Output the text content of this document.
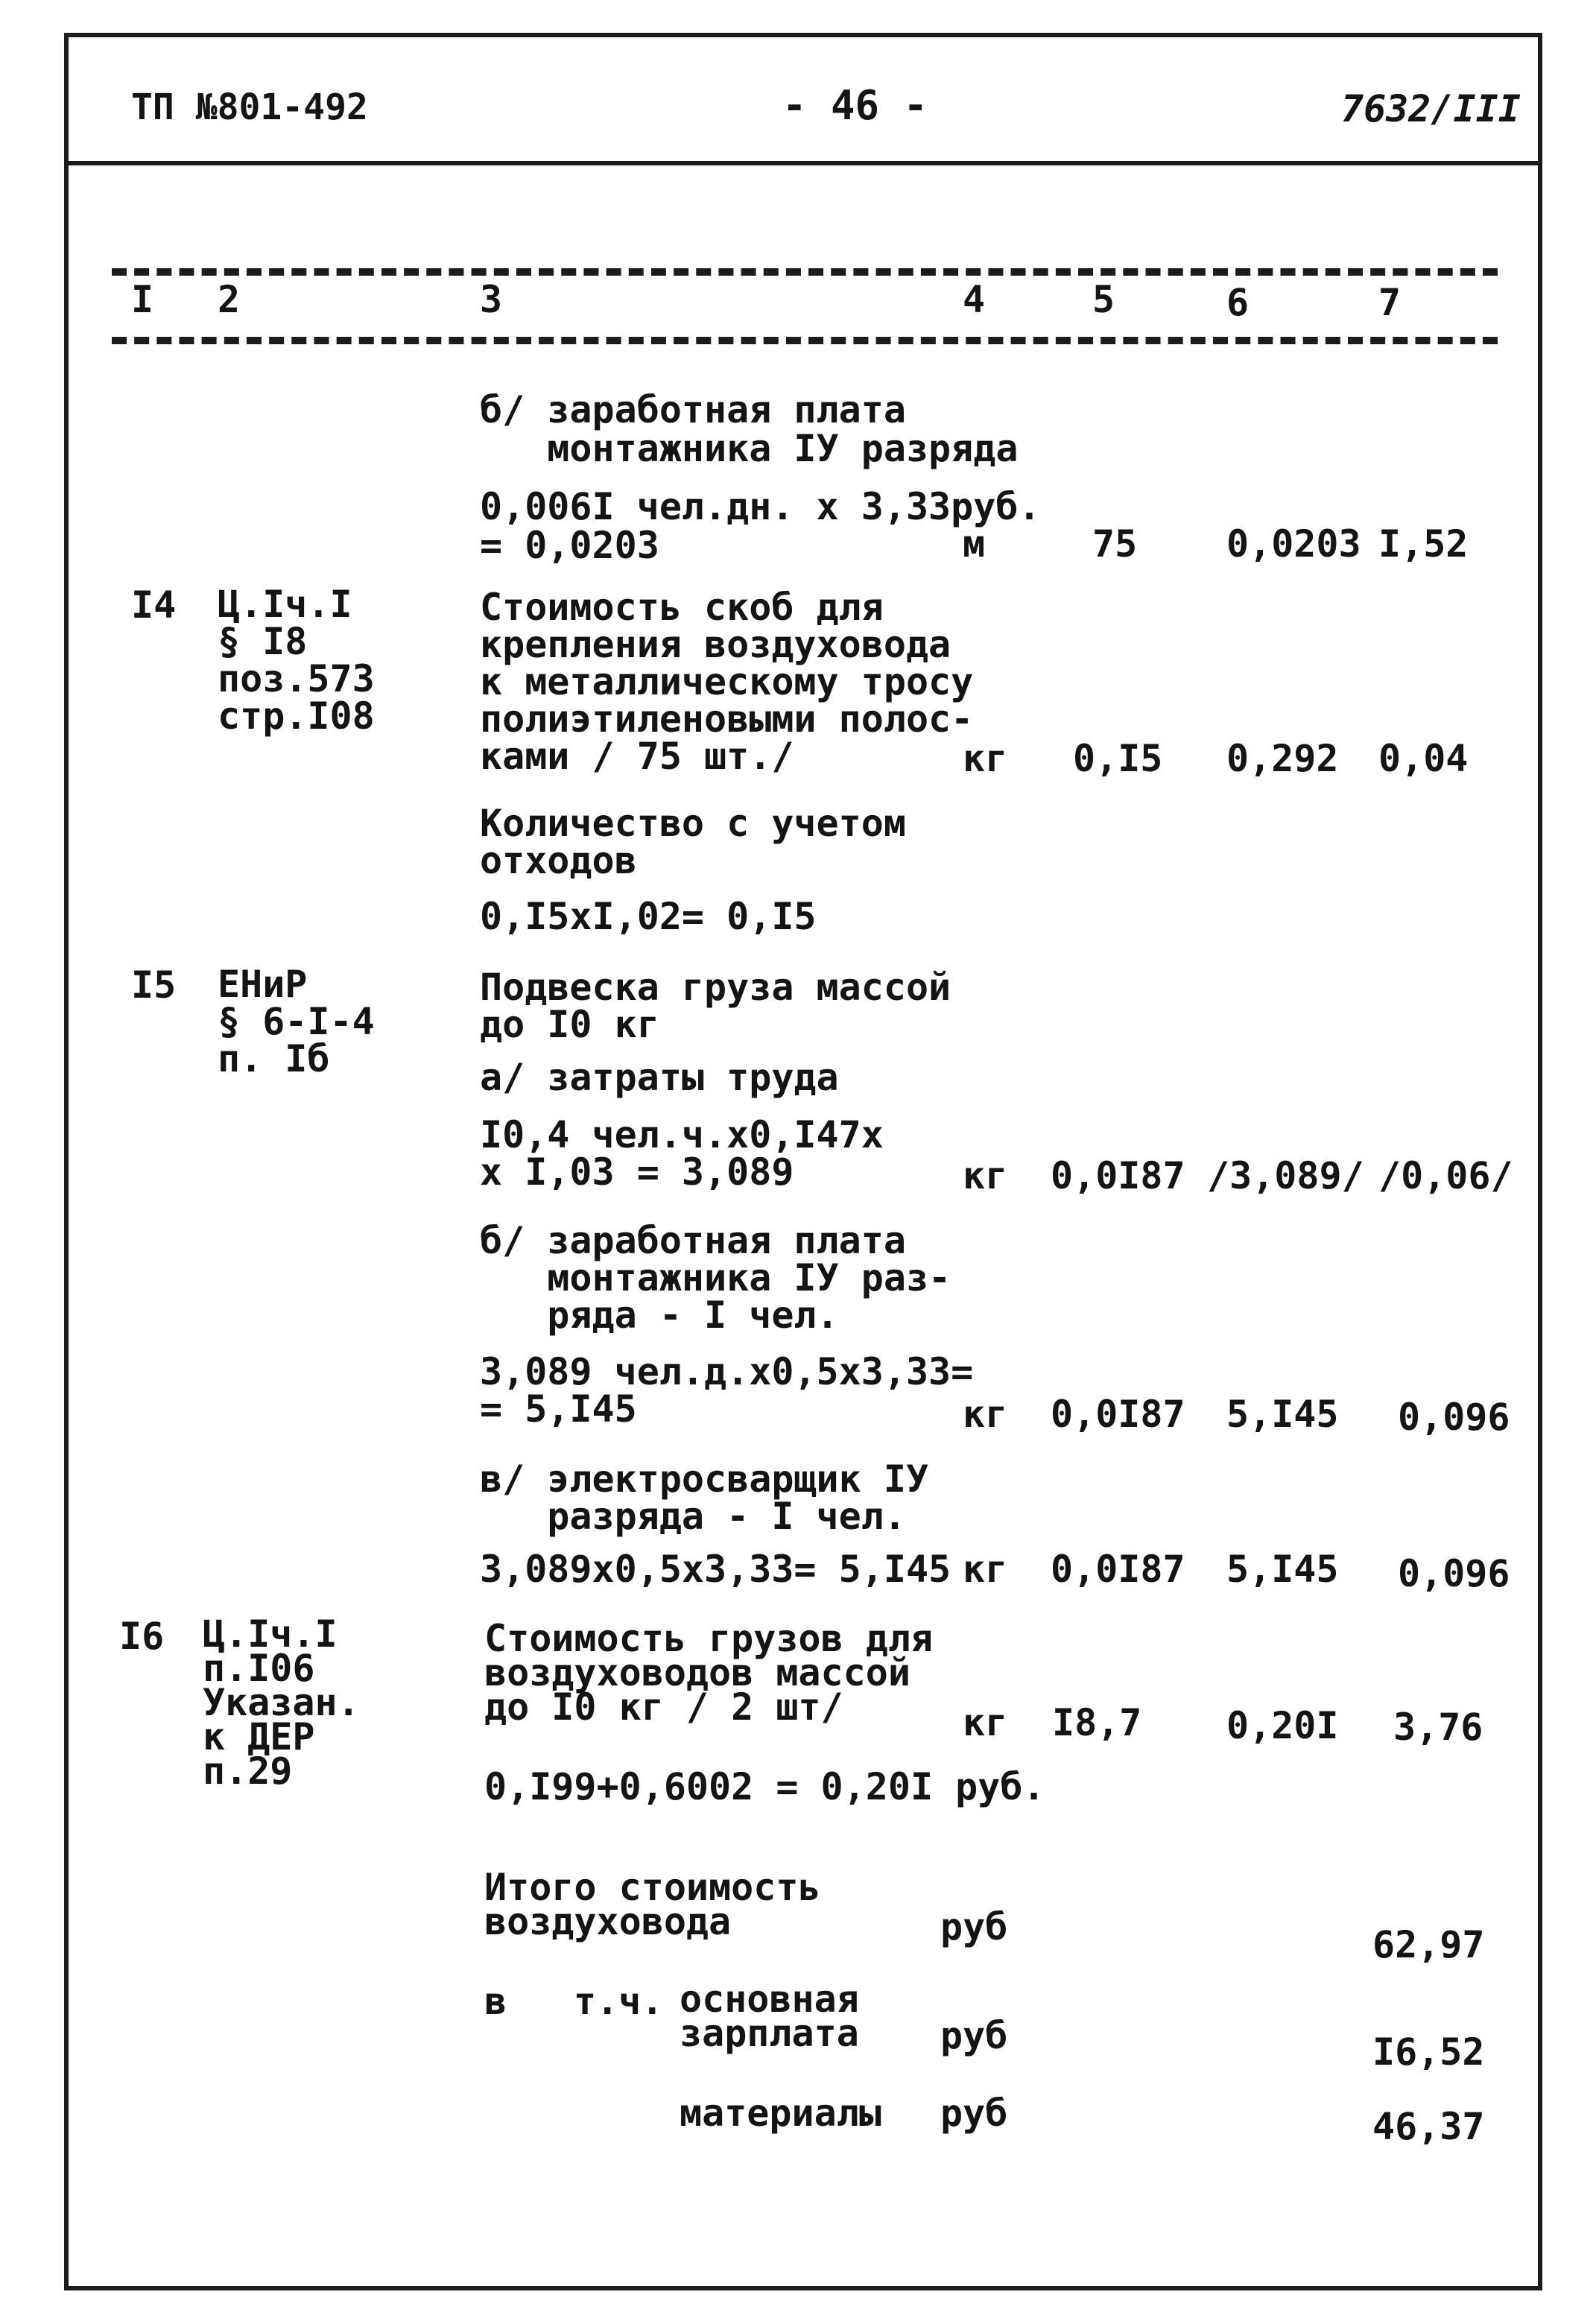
ТП №801-492	- 46 -	7632/III
I 2	3	4	5	6	7
б/ заработная плата
монтажника IУ разряда
0,006I чел.дн. х 3,33руб.
= 0,0203	м	75 0,0203 I,52
I4 Ц.Iч.I
§ I8
поз.573
стр.I08
Стоимость скоб для
крепления воздуховода
к металлическому тросу
полиэтиленовыми полос-
ками / 75 шт./	кг 0,I5 0,292 0,04
Количество с учетом
отходов
0,I5хI,02= 0,I5
I5 ЕНиР
§ 6-I-4
п. Iб
Подвеска груза массой
до I0 кг
а/ затраты труда
I0,4 чел.ч.х0,I47х
х I,03 = 3,089	кг 0,0I87 /3,089/ /0,06/
б/ заработная плата
монтажника IУ раз-
ряда - I чел.
3,089 чел.д.х0,5х3,33=
= 5,I45	кг 0,0I87 5,I45 0,096
в/ электросварщик IУ
разряда - I чел.
3,089х0,5х3,33= 5,I45 кг 0,0I87 5,I45 0,096
I6 Ц.Iч.I
п.I06
Указан.
к ДЕР
п.29
Стоимость грузов для
воздуховодов массой
до I0 кг / 2 шт/	кг I8,7 0,20I 3,76
0,I99+0,6002 = 0,20I руб.
Итого стоимость
воздуховода	руб	62,97
в т.ч. основная
зарплата руб	I6,52
материалы руб	46,37
